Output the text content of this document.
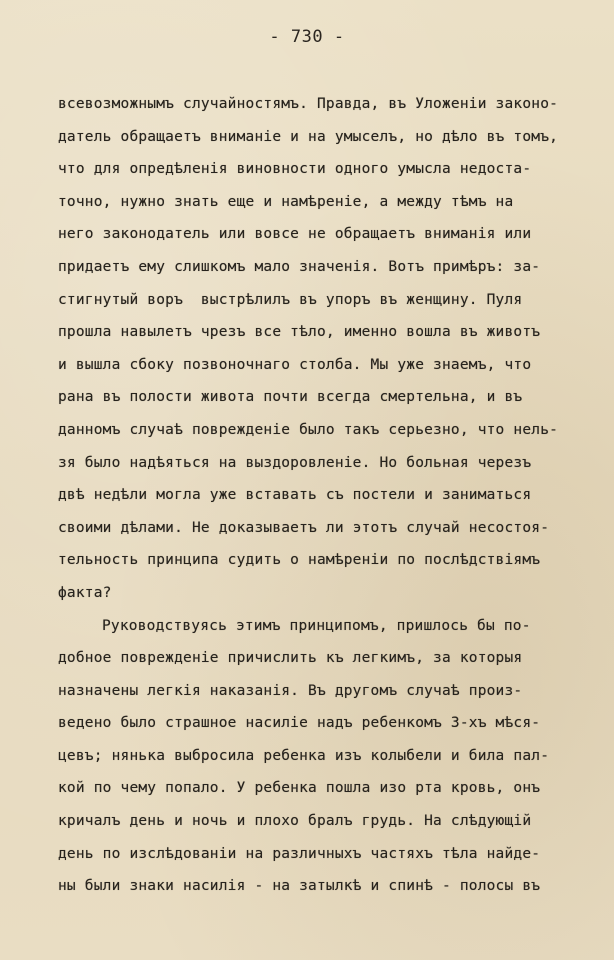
- 730 -
всевозможнымъ случайностямъ. Правда, въ Уложенiи законо-
датель обращаетъ вниманiе и на умыселъ, но дѣло въ томъ,
что для опредѣленiя виновности одного умысла недоста-
точно, нужно знать еще и намѣренiе, а между тѣмъ на
него законодатель или вовсе не обращаетъ вниманiя или
придаетъ ему слишкомъ мало значенiя. Вотъ примѣръ: за-
стигнутый воръ  выстрѣлилъ въ упоръ въ женщину. Пуля
прошла навылетъ чрезъ все тѣло, именно вошла въ животъ
и вышла сбоку позвоночнаго столба. Мы уже знаемъ, что
рана въ полости живота почти всегда смертельна, и въ
данномъ случаѣ поврежденiе было такъ серьезно, что нель-
зя было надѣяться на выздоровленiе. Но больная черезъ
двѣ недѣли могла уже вставать съ постели и заниматься
своими дѣлами. Не доказываетъ ли этотъ случай несостоя-
тельность принципа судить о намѣренiи по послѣдствiямъ
факта?
Руководствуясь этимъ принципомъ, пришлось бы по-
добное поврежденiе причислить къ легкимъ, за которыя
назначены легкiя наказанiя. Въ другомъ случаѣ произ-
ведено было страшное насилiе надъ ребенкомъ 3-хъ мѣся-
цевъ; нянька выбросила ребенка изъ колыбели и била пал-
кой по чему попало. У ребенка пошла изо рта кровь, онъ
кричалъ день и ночь и плохо бралъ грудь. На слѣдующiй
день по изслѣдованiи на различныхъ частяхъ тѣла найде-
ны были знаки насилiя - на затылкѣ и спинѣ - полосы въ
